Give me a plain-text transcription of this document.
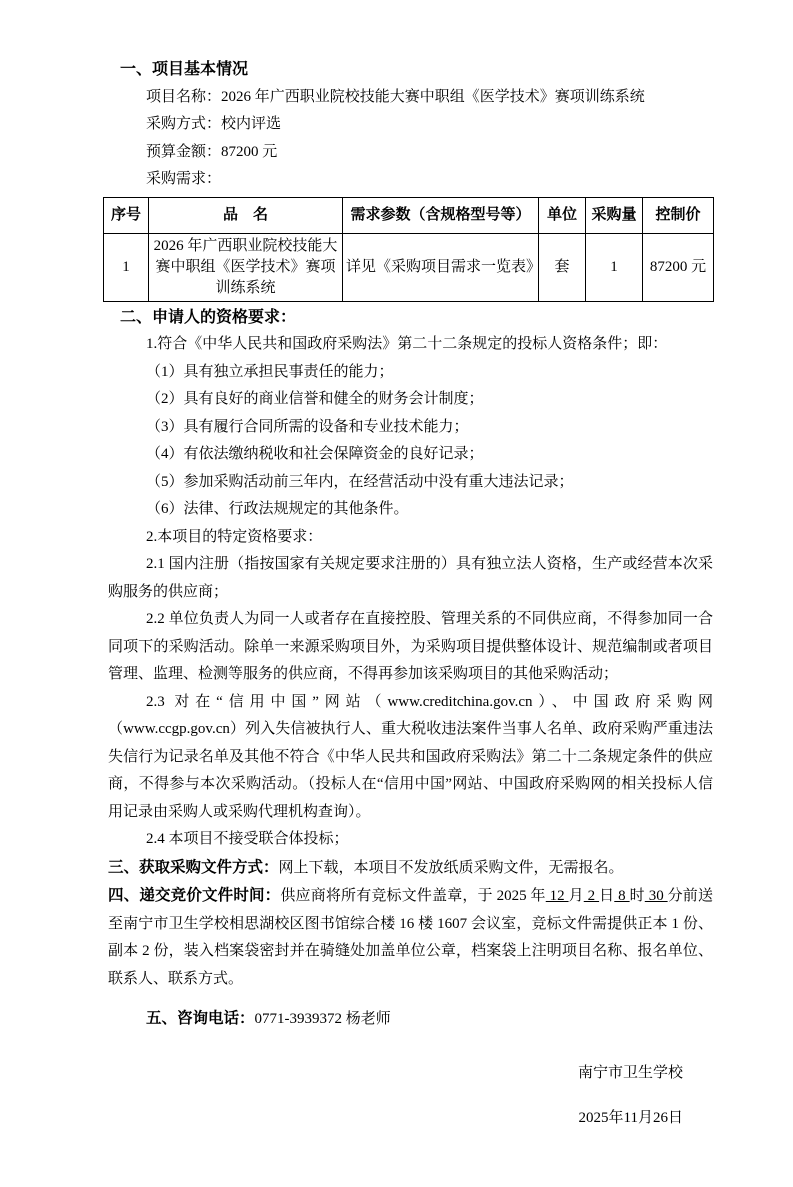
一、项目基本情况

项目名称：2026 年广西职业院校技能大赛中职组《医学技术》赛项训练系统

采购方式：校内评选

预算金额：87200 元

采购需求：

序号	品　名	需求参数（含规格型号等）	单位	采购量	控制价
1	2026 年广西职业院校技能大赛中职组《医学技术》赛项训练系统	详见《采购项目需求一览表》	套	1	87200 元

二、申请人的资格要求：

1.符合《中华人民共和国政府采购法》第二十二条规定的投标人资格条件；即：

（1）具有独立承担民事责任的能力；

（2）具有良好的商业信誉和健全的财务会计制度；

（3）具有履行合同所需的设备和专业技术能力；

（4）有依法缴纳税收和社会保障资金的良好记录；

（5）参加采购活动前三年内，在经营活动中没有重大违法记录；

（6）法律、行政法规规定的其他条件。

2.本项目的特定资格要求：

2.1 国内注册（指按国家有关规定要求注册的）具有独立法人资格，生产或经营本次采购服务的供应商；

2.2 单位负责人为同一人或者存在直接控股、管理关系的不同供应商，不得参加同一合同项下的采购活动。除单一来源采购项目外，为采购项目提供整体设计、规范编制或者项目管理、监理、检测等服务的供应商，不得再参加该采购项目的其他采购活动；

2.3 对在“信用中国”网站（www.creditchina.gov.cn）、中国政府采购网（www.ccgp.gov.cn）列入失信被执行人、重大税收违法案件当事人名单、政府采购严重违法失信行为记录名单及其他不符合《中华人民共和国政府采购法》第二十二条规定条件的供应商，不得参与本次采购活动。（投标人在“信用中国”网站、中国政府采购网的相关投标人信用记录由采购人或采购代理机构查询）。

2.4 本项目不接受联合体投标；

三、获取采购文件方式：网上下载，本项目不发放纸质采购文件，无需报名。

四、递交竞价文件时间：供应商将所有竞标文件盖章，于 2025 年 12 月 2 日 8 时 30 分前送至南宁市卫生学校相思湖校区图书馆综合楼 16 楼 1607 会议室，竞标文件需提供正本 1 份、副本 2 份，装入档案袋密封并在骑缝处加盖单位公章，档案袋上注明项目名称、报名单位、联系人、联系方式。

五、咨询电话：0771-3939372 杨老师

南宁市卫生学校

2025年11月26日
